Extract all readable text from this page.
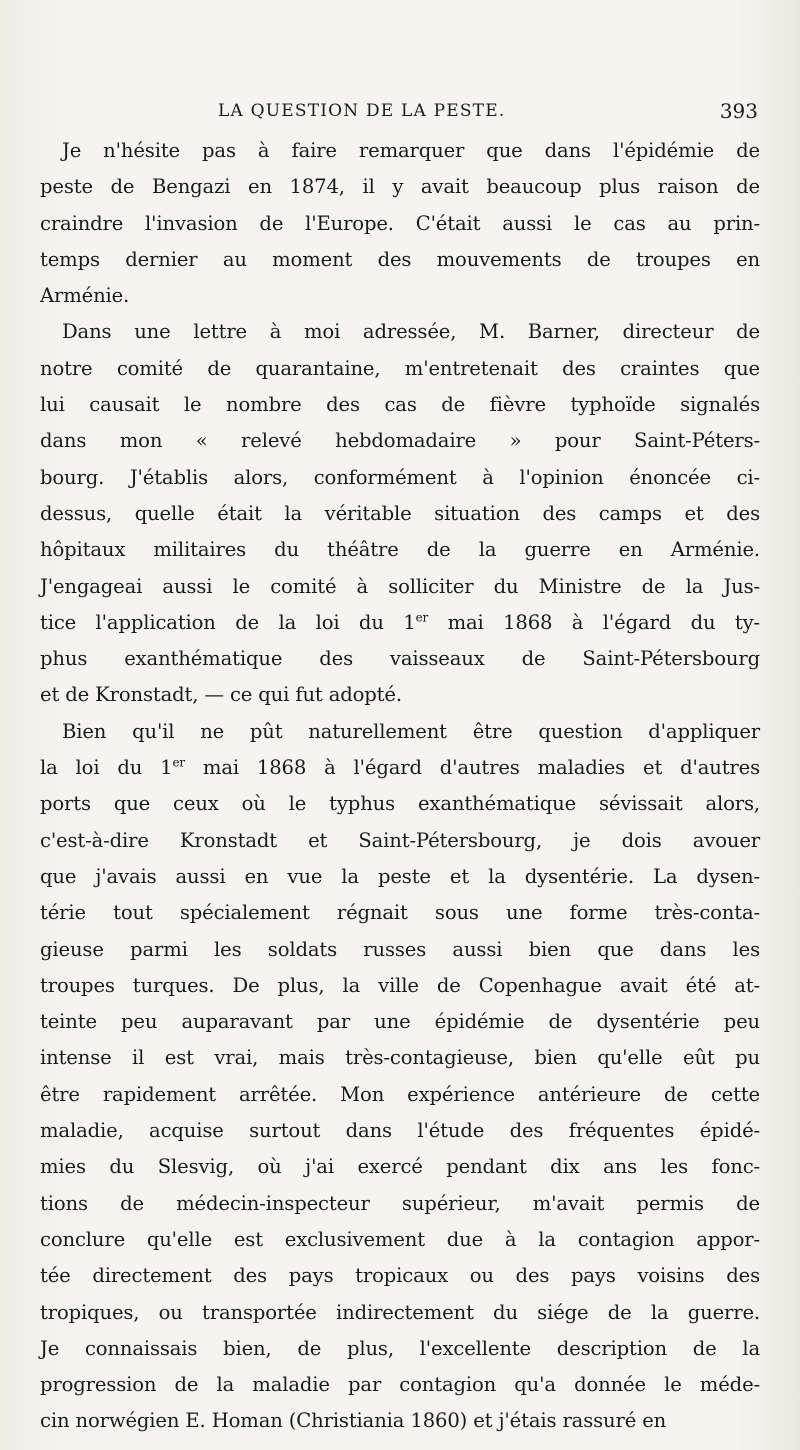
LA QUESTION DE LA PESTE.	393
Je n'hésite pas à faire remarquer que dans l'épidémie de
peste de Bengazi en 1874, il y avait beaucoup plus raison de
craindre l'invasion de l'Europe. C'était aussi le cas au prin-
temps dernier au moment des mouvements de troupes en
Arménie.
Dans une lettre à moi adressée, M. Barner, directeur de
notre comité de quarantaine, m'entretenait des craintes que
lui causait le nombre des cas de fièvre typhoïde signalés
dans mon « relevé hebdomadaire » pour Saint-Péters-
bourg. J'établis alors, conformément à l'opinion énoncée ci-
dessus, quelle était la véritable situation des camps et des
hôpitaux militaires du théâtre de la guerre en Arménie.
J'engageai aussi le comité à solliciter du Ministre de la Jus-
tice l'application de la loi du 1er mai 1868 à l'égard du ty-
phus exanthématique des vaisseaux de Saint-Pétersbourg
et de Kronstadt, — ce qui fut adopté.
Bien qu'il ne pût naturellement être question d'appliquer
la loi du 1er mai 1868 à l'égard d'autres maladies et d'autres
ports que ceux où le typhus exanthématique sévissait alors,
c'est-à-dire Kronstadt et Saint-Pétersbourg, je dois avouer
que j'avais aussi en vue la peste et la dysentérie. La dysen-
térie tout spécialement régnait sous une forme très-conta-
gieuse parmi les soldats russes aussi bien que dans les
troupes turques. De plus, la ville de Copenhague avait été at-
teinte peu auparavant par une épidémie de dysentérie peu
intense il est vrai, mais très-contagieuse, bien qu'elle eût pu
être rapidement arrêtée. Mon expérience antérieure de cette
maladie, acquise surtout dans l'étude des fréquentes épidé-
mies du Slesvig, où j'ai exercé pendant dix ans les fonc-
tions de médecin-inspecteur supérieur, m'avait permis de
conclure qu'elle est exclusivement due à la contagion appor-
tée directement des pays tropicaux ou des pays voisins des
tropiques, ou transportée indirectement du siége de la guerre.
Je connaissais bien, de plus, l'excellente description de la
progression de la maladie par contagion qu'a donnée le méde-
cin norwégien E. Homan (Christiania 1860) et j'étais rassuré en
